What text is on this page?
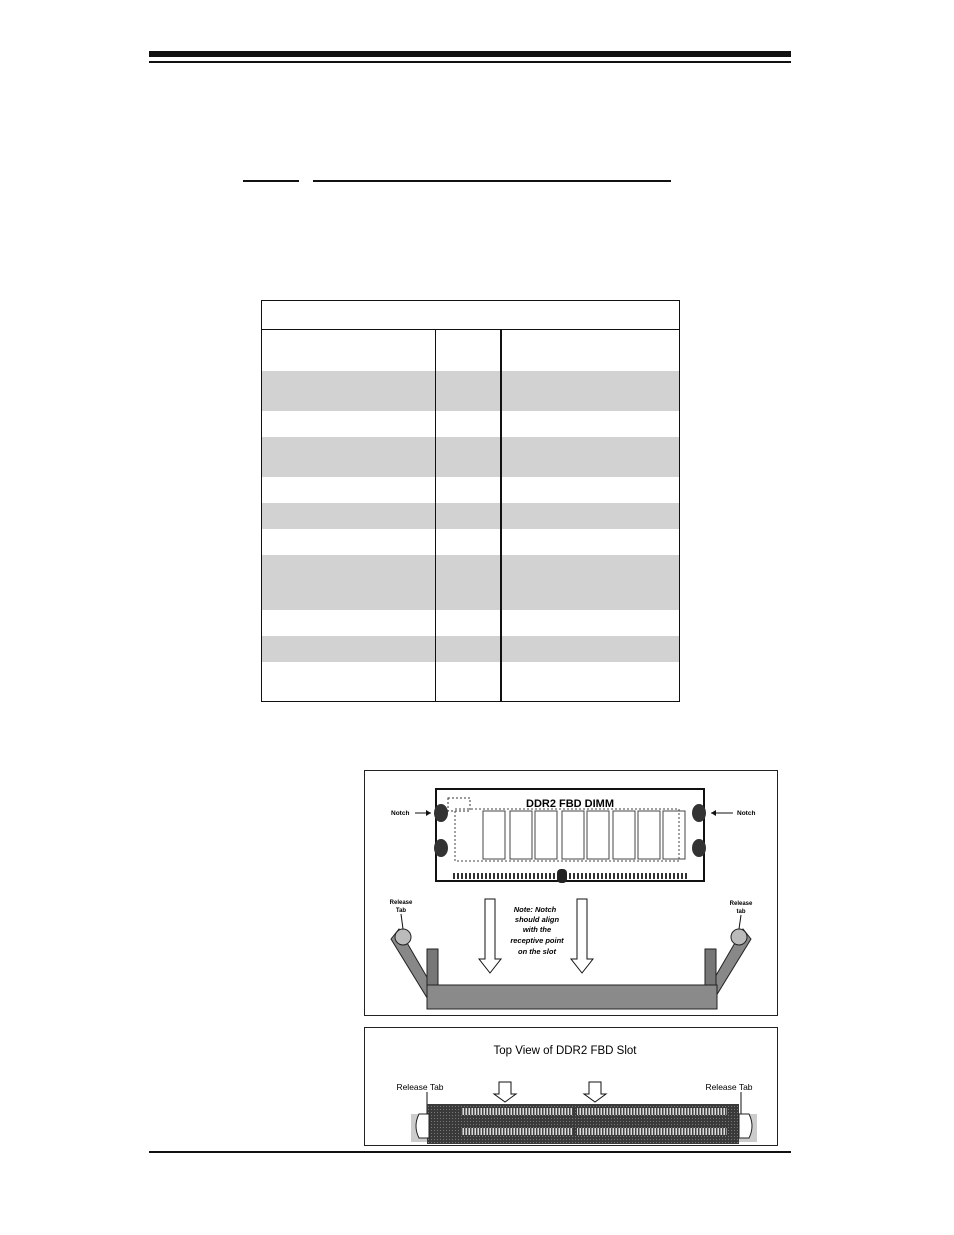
DDR2 FBD DIMM
Notch	Notch
Release
Tab
Release
tab
Note: Notch
should align
with the
receptive point
on the slot
Top View of DDR2 FBD Slot
Release Tab	Release Tab
